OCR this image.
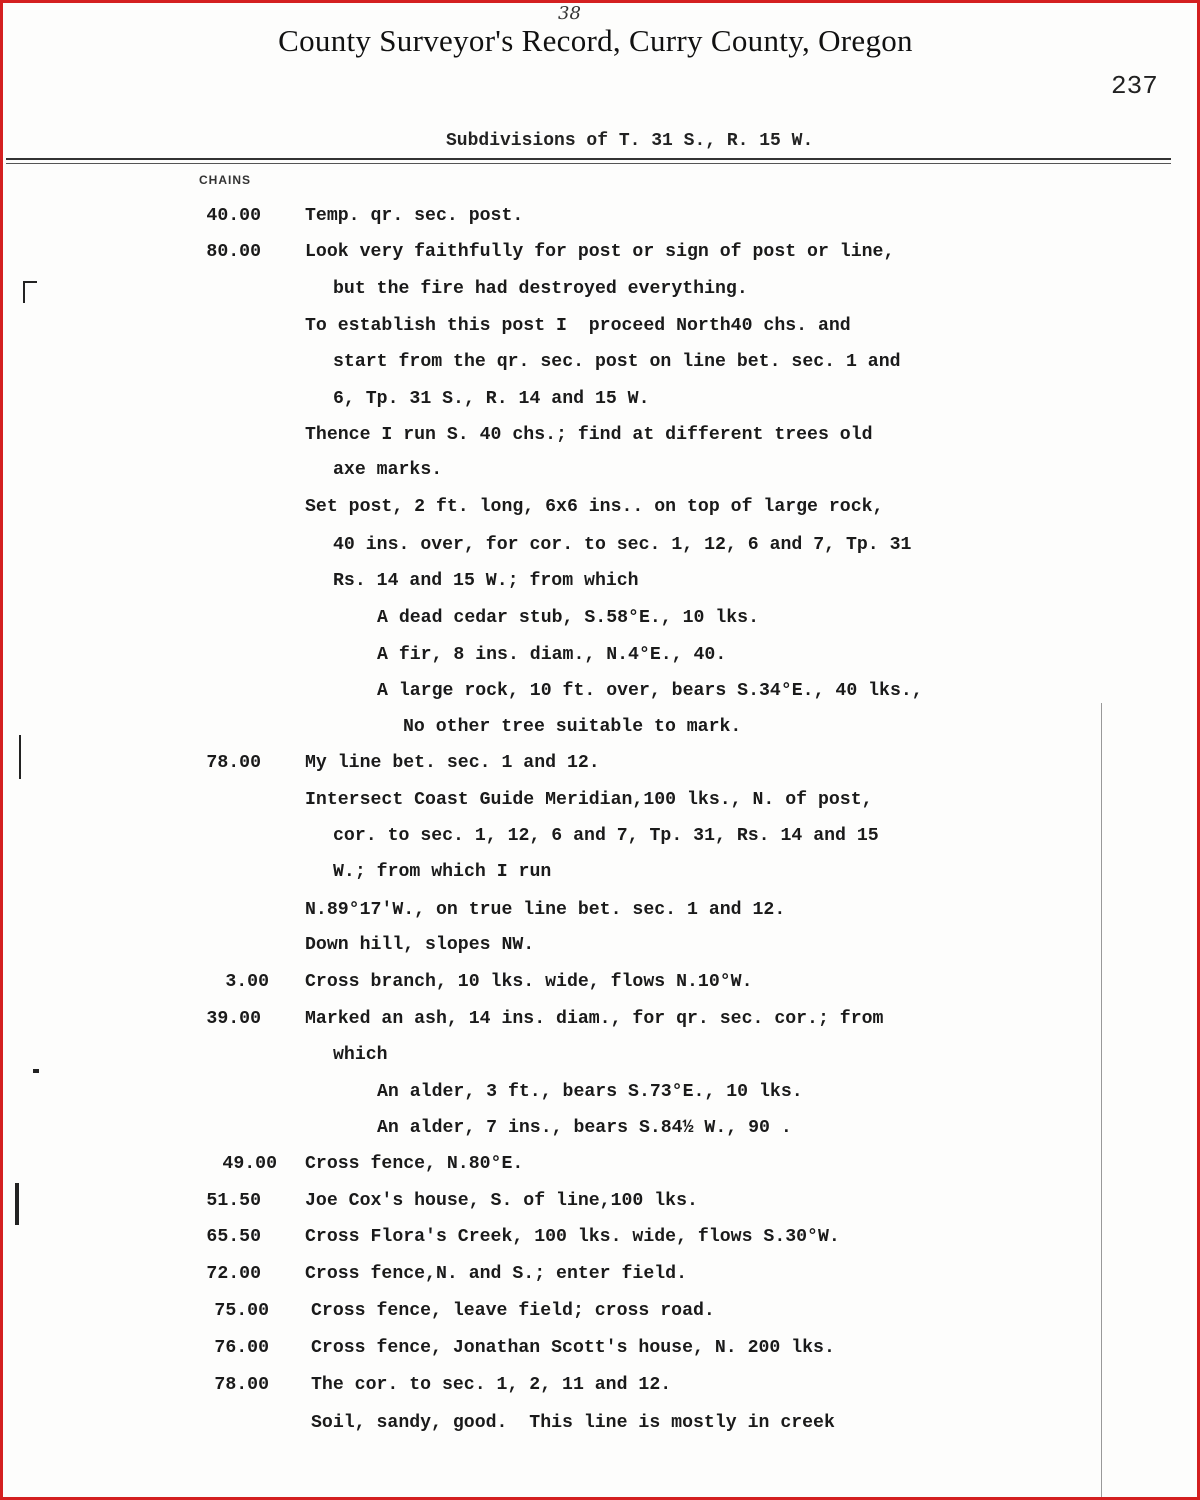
38
County Surveyor's Record, Curry County, Oregon
237
Subdivisions of T. 31 S., R. 15 W.
CHAINS
40.00 Temp. qr. sec. post.
80.00 Look very faithfully for post or sign of post or line,
but the fire had destroyed everything.
To establish this post I  proceed North40 chs. and
start from the qr. sec. post on line bet. sec. 1 and
6, Tp. 31 S., R. 14 and 15 W.
Thence I run S. 40 chs.; find at different trees old
axe marks.
Set post, 2 ft. long, 6x6 ins.. on top of large rock,
40 ins. over, for cor. to sec. 1, 12, 6 and 7, Tp. 31
Rs. 14 and 15 W.; from which
A dead cedar stub, S.58°E., 10 lks.
A fir, 8 ins. diam., N.4°E., 40.
A large rock, 10 ft. over, bears S.34°E., 40 lks.,
No other tree suitable to mark.
78.00 My line bet. sec. 1 and 12.
Intersect Coast Guide Meridian,100 lks., N. of post,
cor. to sec. 1, 12, 6 and 7, Tp. 31, Rs. 14 and 15
W.; from which I run
N.89°17'W., on true line bet. sec. 1 and 12.
Down hill, slopes NW.
3.00 Cross branch, 10 lks. wide, flows N.10°W.
39.00 Marked an ash, 14 ins. diam., for qr. sec. cor.; from
which
An alder, 3 ft., bears S.73°E., 10 lks.
An alder, 7 ins., bears S.84½ W., 90 .
49.00 Cross fence, N.80°E.
51.50 Joe Cox's house, S. of line,100 lks.
65.50 Cross Flora's Creek, 100 lks. wide, flows S.30°W.
72.00 Cross fence,N. and S.; enter field.
75.00 Cross fence, leave field; cross road.
76.00 Cross fence, Jonathan Scott's house, N. 200 lks.
78.00 The cor. to sec. 1, 2, 11 and 12.
Soil, sandy, good.  This line is mostly in creek
